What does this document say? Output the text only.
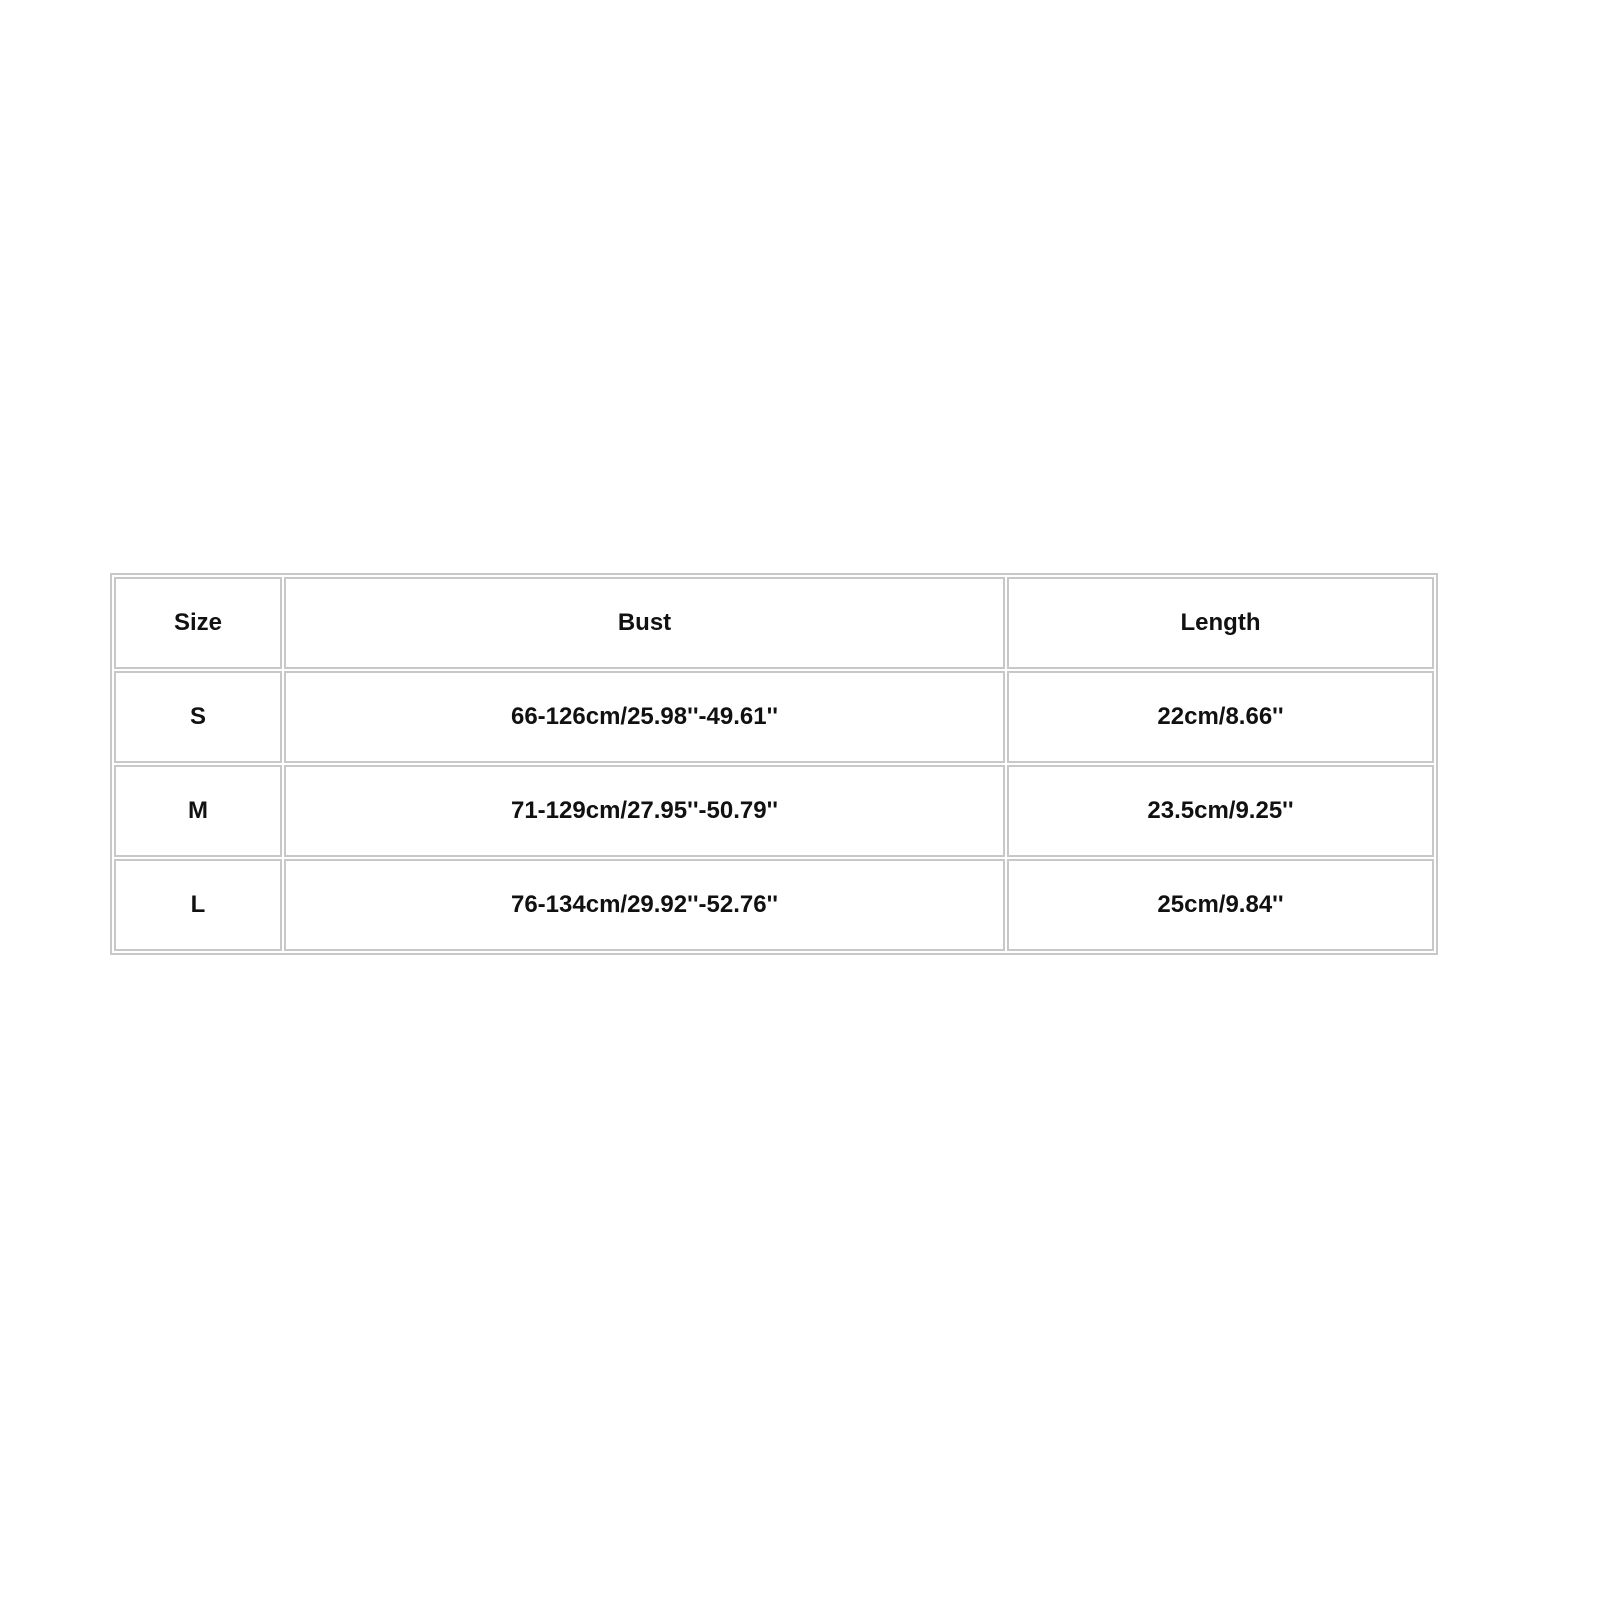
Size	Bust	Length
S	66-126cm/25.98''-49.61''	22cm/8.66''
M	71-129cm/27.95''-50.79''	23.5cm/9.25''
L	76-134cm/29.92''-52.76''	25cm/9.84''
